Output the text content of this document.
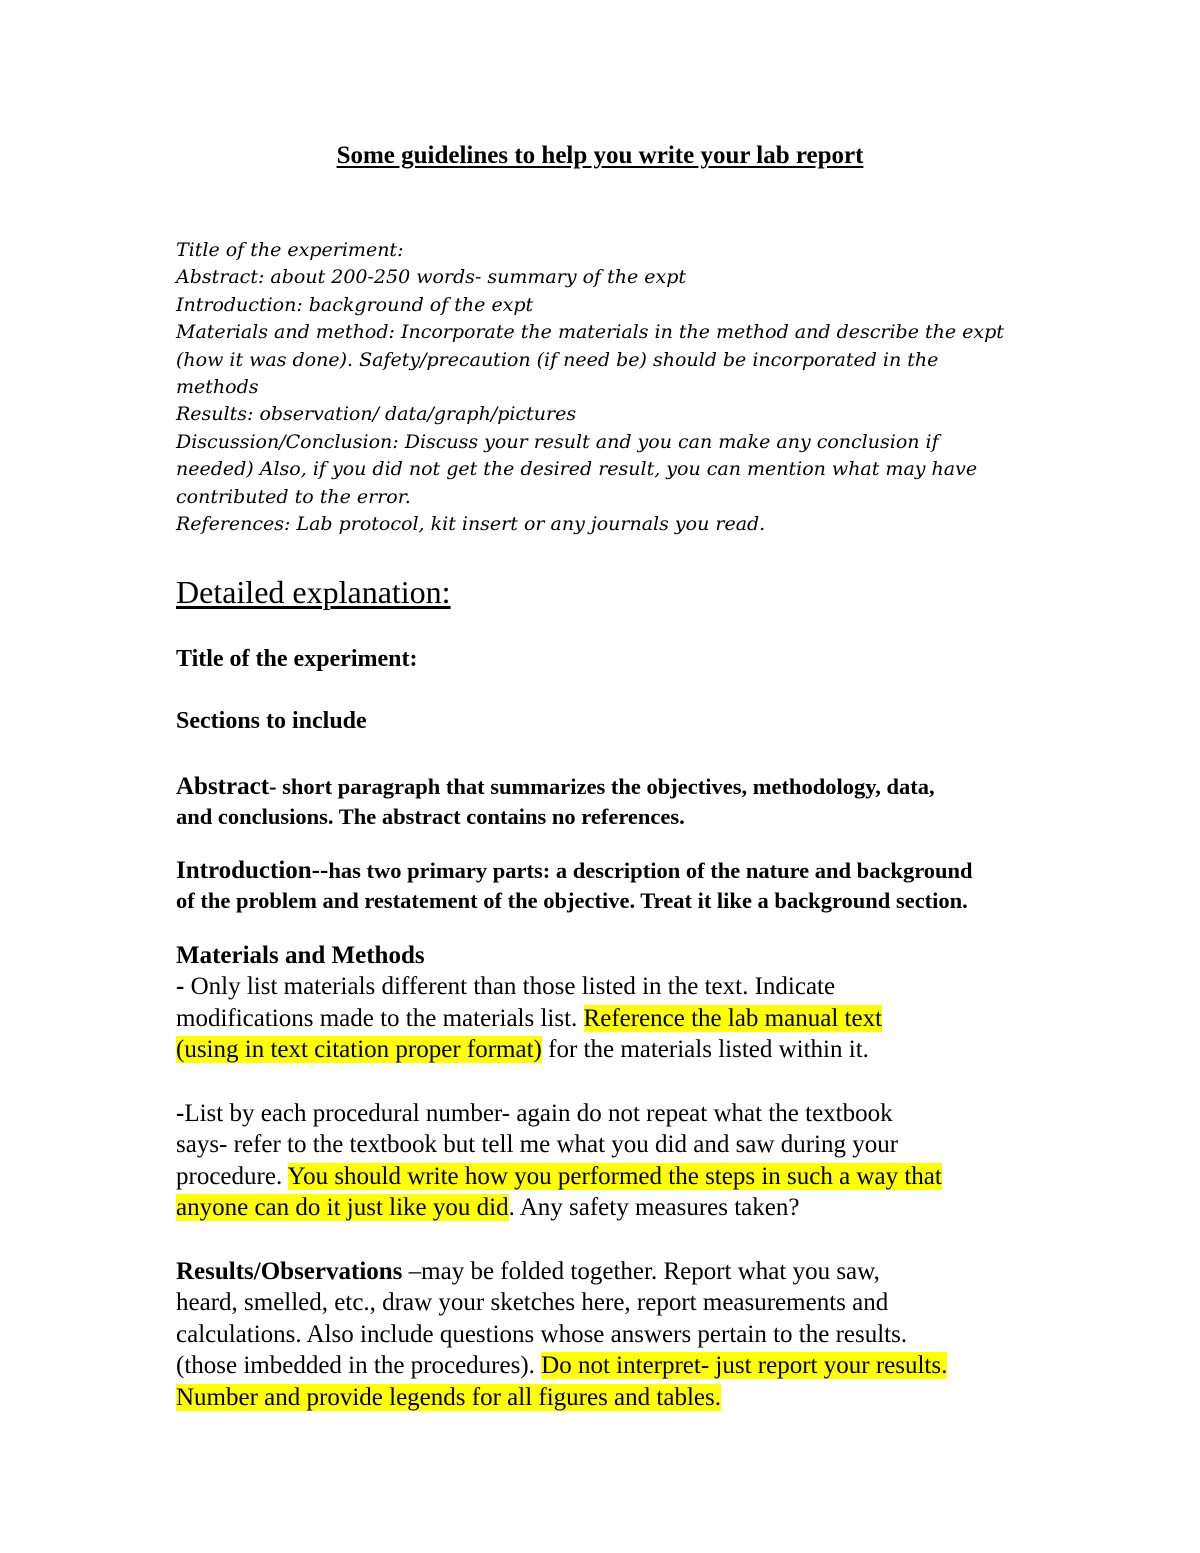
Some guidelines to help you write your lab report
Title of the experiment:
Abstract: about 200-250 words- summary of the expt
Introduction: background of the expt
Materials and method: Incorporate the materials in the method and describe the expt
(how it was done). Safety/precaution (if need be) should be incorporated in the
methods
Results: observation/ data/graph/pictures
Discussion/Conclusion: Discuss your result and you can make any conclusion if
needed) Also, if you did not get the desired result, you can mention what may have
contributed to the error.
References: Lab protocol, kit insert or any journals you read.
Detailed explanation:
Title of the experiment:
Sections to include
Abstract- short paragraph that summarizes the objectives, methodology, data,
and conclusions. The abstract contains no references.
Introduction--has two primary parts: a description of the nature and background
of the problem and restatement of the objective. Treat it like a background section.
Materials and Methods
- Only list materials different than those listed in the text. Indicate
modifications made to the materials list. Reference the lab manual text
(using in text citation proper format) for the materials listed within it.
-List by each procedural number- again do not repeat what the textbook
says- refer to the textbook but tell me what you did and saw during your
procedure. You should write how you performed the steps in such a way that
anyone can do it just like you did. Any safety measures taken?
Results/Observations –may be folded together. Report what you saw,
heard, smelled, etc., draw your sketches here, report measurements and
calculations. Also include questions whose answers pertain to the results.
(those imbedded in the procedures). Do not interpret- just report your results.
Number and provide legends for all figures and tables.
